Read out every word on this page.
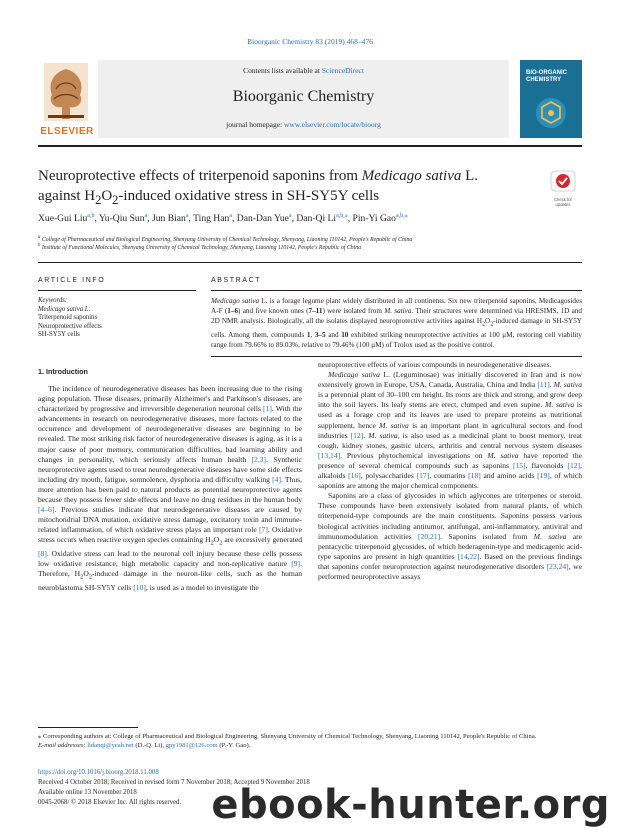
Bioorganic Chemistry 83 (2019) 468–476
Contents lists available at ScienceDirect
Bioorganic Chemistry
journal homepage: www.elsevier.com/locate/bioorg
ELSEVIER
BIO-ORGANIC CHEMISTRY
Neuroprotective effects of triterpenoid saponins from Medicago sativa L.
against $H_2O_2$-induced oxidative stress in SH-SY5Y cells	Check for updates
Xue-Gui Liu$^{a,b}$, Yu-Qiu Sun$^a$, Jun Bian$^a$, Ting Han$^a$, Dan-Dan Yue$^a$, Dan-Qi $Li^{a,b,⁎}$, Pin-Yi Gao$^{a,b,⁎}$
$^a$ College of Pharmaceutical and Biological Engineering, Shenyang University of Chemical Technology, Shenyang, Liaoning 110142, People's Republic of China
$^b$ Institute of Functional Molecules, Shenyang University of Chemical Technology, Shenyang, Liaoning 110142, People's Republic of China
ARTICLE INFO	ABSTRACT
Keywords:
Medicago sativa L.
Triterpenoid saponins
Neuroprotective effects
SH-SY5Y cells
Medicago sativa L. is a forage legume plant widely distributed in all continents. Six new triterpenoid saponins, Medicagosides A-F (1–6) and five known ones (7–11) were isolated from M. sativa. Their structures were determined via HRESIMS, 1D and 2D NMR analysis. Biologically, all the isolates displayed neuroprotective activities against $H_2O_2$-induced damage in SH-SY5Y cells. Among them, compounds 1, 3–5 and 10 exhibited striking neuroprotective activities at 100 μM, restoring cell viability range from 79.66% to 89.03%, relative to 79.46% (100 μM) of Trolox used as the positive control.
1. Introduction

The incidence of neurodegenerative diseases has been increasing due to the rising aging population. These diseases, primarily Alzheimer's and Parkinson's diseases, are characterized by progressive and irreversible degeneration neuronal cells [1]. With the advancements in research on neurodegenerative diseases, more factors related to the occurrence and development of neurodegenerative diseases are beginning to be revealed. The most striking risk factor of neurodegenerative diseases is aging, as it is a major cause of poor memory, communication difficulties, bad learning ability and changes in personality, which seriously affects human health [2,3]. Synthetic neuroprotective agents used to treat neurodegenerative diseases have some side effects including dry mouth, fatigue, somnolence, dysphoria and difficulty walking [4]. Thus, more attention has been paid to natural products as potential neuroprotective agents because they possess fewer side effects and leave no drug residues in the human body [4–6]. Previous studies indicate that neurodegenerative diseases are caused by mitochondrial DNA mutation, oxidative stress damage, excitatory toxin and immune-related inflammation, of which oxidative stress plays an important role [7]. Oxidative stress occurs when reactive oxygen species containing $H_2O_2$ are excessively generated [8]. Oxidative stress can lead to the neuronal cell injury because these cells possess low oxidative resistance, high metabolic capacity and non-replicative nature [9]. Therefore, $H_2O_2$-induced damage in the neuron-like cells, such as the human neuroblastoma SH-SY5Y cells [10], is used as a model to investigate the

neuroprotective effects of various compounds in neurodegenerative diseases.

Medicago sativa L. (Leguminosae) was initially discovered in Iran and is now extensively grown in Europe, USA, Canada, Australia, China and India [11]. M. sativa is a perennial plant of 30–100 cm height. Its roots are thick and strong, and grow deep into the soil layers. Its leafy stems are erect, clumped and even supine. M. sativa is used as a forage crop and its leaves are used to prepare proteins as nutritional supplement, hence M. sativa is an important plant in agricultural sectors and food industries [12]. M. sativa, is also used as a medicinal plant to boost memory, treat cough, kidney stones, gastric ulcers, arthritis and central nervous system diseases [13,14]. Previous phytochemical investigations on M. sativa have reported the presence of several chemical compounds such as saponins [15], flavonoids [12], alkaloids [16], polysaccharides [17], coumarins [18] and amino acids [19], of which saponins are among the major chemical components.

Saponins are a class of glycosides in which aglycones are triterpenes or steroid. These compounds have been extensively isolated from natural plants, of which triterpenoid-type compounds are the main constituents. Saponins possess various biological activities including antitumor, antifungal, anti-inflammatory, antiviral and immunomodulation activities [20,21]. Saponins isolated from M. sativa are pentacyclic triterpenoid glycosides, of which hederagenin-type and medicagenic acid-type saponins are present in high quantities [14,22]. Based on the previous findings that saponins confer neuroprotection against neurodegenerative disorders [23,24], we performed neuroprotective assays

⁎ Corresponding authors at: College of Pharmaceutical and Biological Engineering, Shenyang University of Chemical Technology, Shenyang, Liaoning 110142, People's Republic of China.
E-mail addresses: lidanqi@yeah.net (D.-Q. Li), gpy1981@126.com (P.-Y. Gao).
https://doi.org/10.1016/j.bioorg.2018.11.008
Received 4 October 2018; Received in revised form 7 November 2018; Accepted 9 November 2018
Available online 13 November 2018
0045-2068/ © 2018 Elsevier Inc. All rights reserved. ebook-hunter.org
